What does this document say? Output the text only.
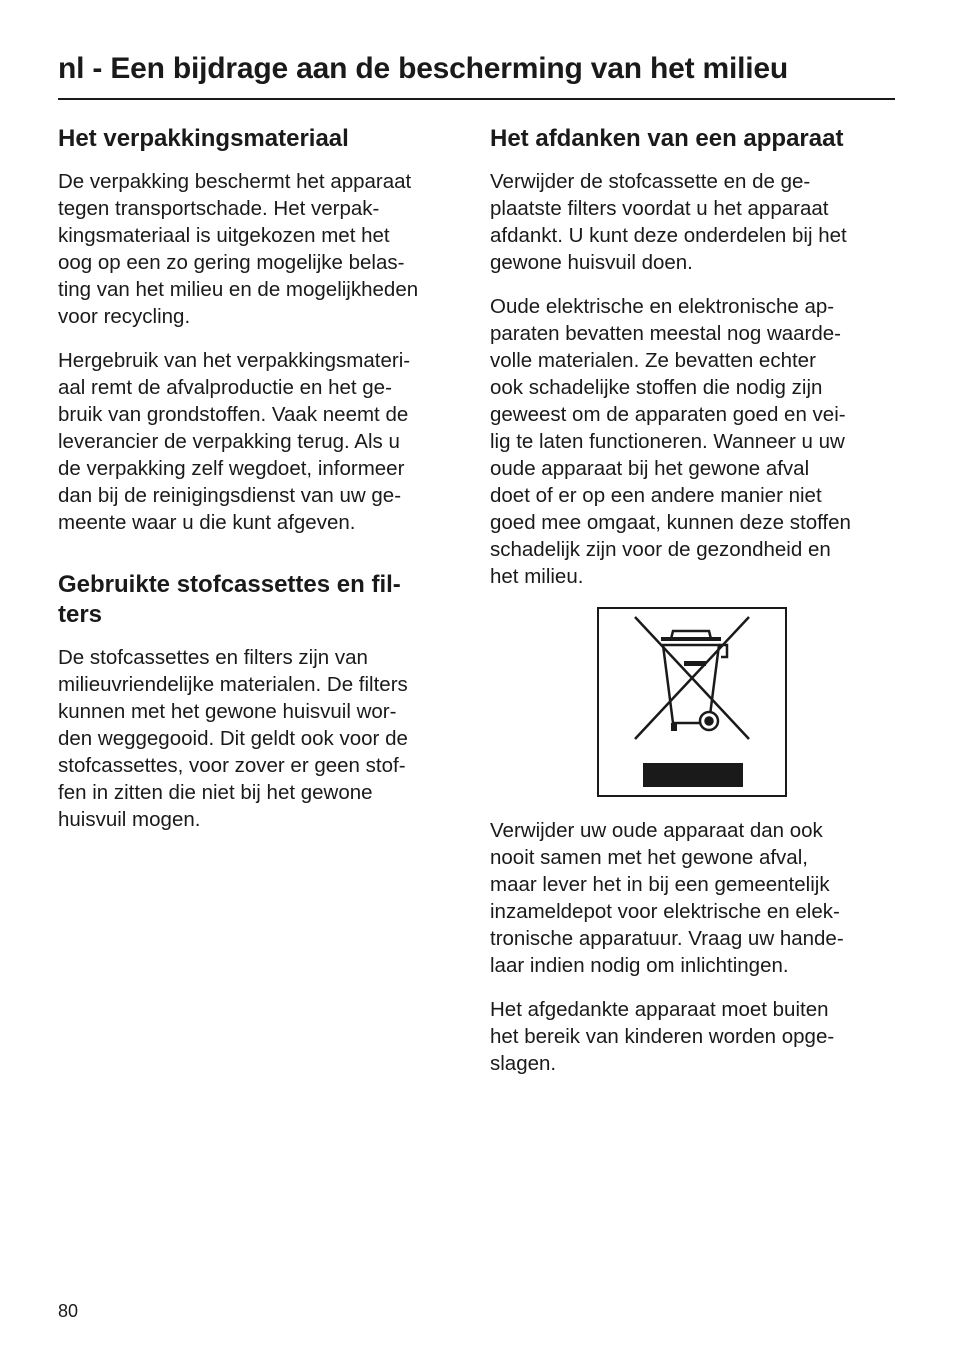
nl - Een bijdrage aan de bescherming van het milieu
Het verpakkingsmateriaal

De verpakking beschermt het apparaat
tegen transportschade. Het verpak-
kingsmateriaal is uitgekozen met het
oog op een zo gering mogelijke belas-
ting van het milieu en de mogelijkheden
voor recycling.

Hergebruik van het verpakkingsmateri-
aal remt de afvalproductie en het ge-
bruik van grondstoffen. Vaak neemt de
leverancier de verpakking terug. Als u
de verpakking zelf wegdoet, informeer
dan bij de reinigingsdienst van uw ge-
meente waar u die kunt afgeven.

Gebruikte stofcassettes en fil-
ters

De stofcassettes en filters zijn van
milieuvriendelijke materialen. De filters
kunnen met het gewone huisvuil wor-
den weggegooid. Dit geldt ook voor de
stofcassettes, voor zover er geen stof-
fen in zitten die niet bij het gewone
huisvuil mogen.

Het afdanken van een apparaat

Verwijder de stofcassette en de ge-
plaatste filters voordat u het apparaat
afdankt. U kunt deze onderdelen bij het
gewone huisvuil doen.

Oude elektrische en elektronische ap-
paraten bevatten meestal nog waarde-
volle materialen. Ze bevatten echter
ook schadelijke stoffen die nodig zijn
geweest om de apparaten goed en vei-
lig te laten functioneren. Wanneer u uw
oude apparaat bij het gewone afval
doet of er op een andere manier niet
goed mee omgaat, kunnen deze stoffen
schadelijk zijn voor de gezondheid en
het milieu.

Verwijder uw oude apparaat dan ook
nooit samen met het gewone afval,
maar lever het in bij een gemeentelijk
inzameldepot voor elektrische en elek-
tronische apparatuur. Vraag uw hande-
laar indien nodig om inlichtingen.

Het afgedankte apparaat moet buiten
het bereik van kinderen worden opge-
slagen.

80
